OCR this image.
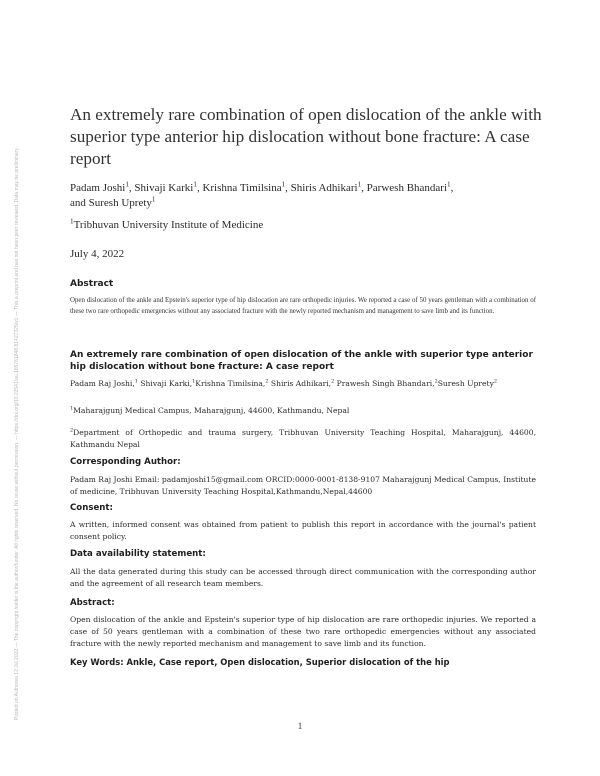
Posted on Authorea 12 Jul 2022 — The copyright holder is the author/funder. All rights reserved. No reuse without permission. — https://doi.org/10.22541/au.165761848.81427325/v1 — This a preprint and has not been peer reviewed. Data may be preliminary.
An extremely rare combination of open dislocation of the ankle with superior type anterior hip dislocation without bone fracture: A case report
Padam Joshi$^1$, Shivaji Karki$^1$, Krishna Timilsina$^1$, Shiris Adhikari$^1$, Parwesh Bhandari$^1$,
and Suresh Uprety$^1$
$^1$Tribhuvan University Institute of Medicine
July 4, 2022
Abstract
Open dislocation of the ankle and Epstein's superior type of hip dislocation are rare orthopedic injuries. We reported a case of 50 years gentleman with a combination of these two rare orthopedic emergencies without any associated fracture with the newly reported mechanism and management to save limb and its function.
An extremely rare combination of open dislocation of the ankle with superior type anterior hip dislocation without bone fracture: A case report
Padam Raj Joshi,$^1$ Shivaji Karki,$^1$Krishna Timilsina,$^2$ Shiris Adhikari,$^2$ Prawesh Singh Bhandari,$^2$Suresh Uprety$^2$
$^1$Maharajgunj Medical Campus, Maharajgunj, 44600, Kathmandu, Nepal
$^2$Department of Orthopedic and trauma surgery, Tribhuvan University Teaching Hospital, Maharajgunj, 44600, Kathmandu Nepal
Corresponding Author:
Padam Raj Joshi Email: padamjoshi15@gmail.com ORCID:0000-0001-8138-9107 Maharajgunj Medical Campus, Institute of medicine, Tribhuvan University Teaching Hospital,Kathmandu,Nepal,44600
Consent:
A written, informed consent was obtained from patient to publish this report in accordance with the journal's patient consent policy.
Data availability statement:
All the data generated during this study can be accessed through direct communication with the corresponding author and the agreement of all research team members.
Abstract:
Open dislocation of the ankle and Epstein's superior type of hip dislocation are rare orthopedic injuries. We reported a case of 50 years gentleman with a combination of these two rare orthopedic emergencies without any associated fracture with the newly reported mechanism and management to save limb and its function.
Key Words: Ankle, Case report, Open dislocation, Superior dislocation of the hip
1
